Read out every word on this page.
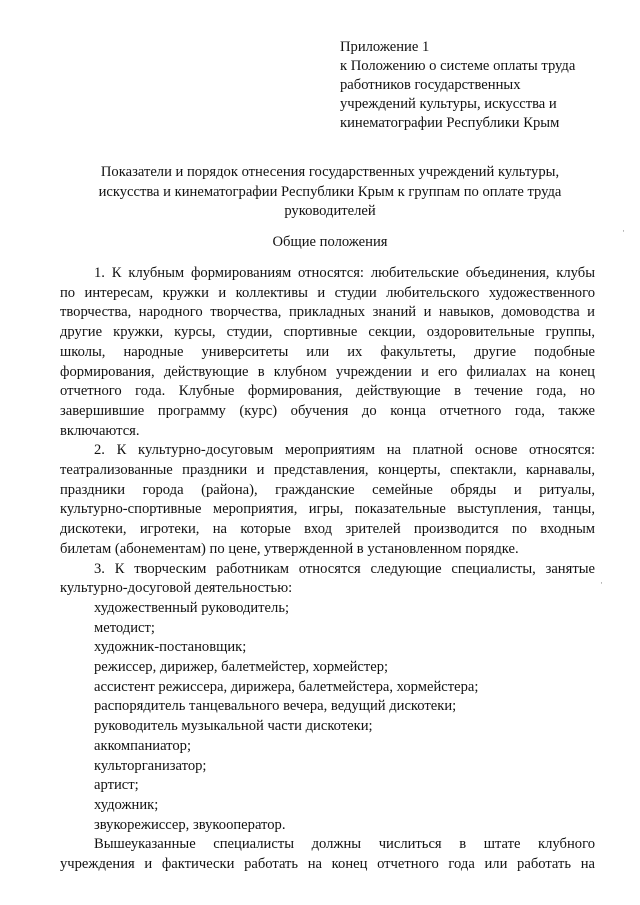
Приложение 1
к Положению о системе оплаты труда
работников государственных
учреждений культуры, искусства и
кинематографии Республики Крым
Показатели и порядок отнесения государственных учреждений культуры,
искусства и кинематографии Республики Крым к группам по оплате труда
руководителей
Общие положения
1. К клубным формированиям относятся: любительские объединения, клубы
по интересам, кружки и коллективы и студии любительского художественного
творчества, народного творчества, прикладных знаний и навыков, домоводства и
другие кружки, курсы, студии, спортивные секции, оздоровительные группы,
школы, народные университеты или их факультеты, другие подобные
формирования, действующие в клубном учреждении и его филиалах на конец
отчетного года. Клубные формирования, действующие в течение года, но
завершившие программу (курс) обучения до конца отчетного года, также
включаются.
2. К культурно-досуговым мероприятиям на платной основе относятся:
театрализованные праздники и представления, концерты, спектакли, карнавалы,
праздники города (района), гражданские семейные обряды и ритуалы,
культурно-спортивные мероприятия, игры, показательные выступления, танцы,
дискотеки, игротеки, на которые вход зрителей производится по входным
билетам (абонементам) по цене, утвержденной в установленном порядке.
3. К творческим работникам относятся следующие специалисты, занятые
культурно-досуговой деятельностью:
художественный руководитель;
методист;
художник-постановщик;
режиссер, дирижер, балетмейстер, хормейстер;
ассистент режиссера, дирижера, балетмейстера, хормейстера;
распорядитель танцевального вечера, ведущий дискотеки;
руководитель музыкальной части дискотеки;
аккомпаниатор;
культорганизатор;
артист;
художник;
звукорежиссер, звукооператор.
Вышеуказанные специалисты должны числиться в штате клубного
учреждения и фактически работать на конец отчетного года или работать на
·
·
